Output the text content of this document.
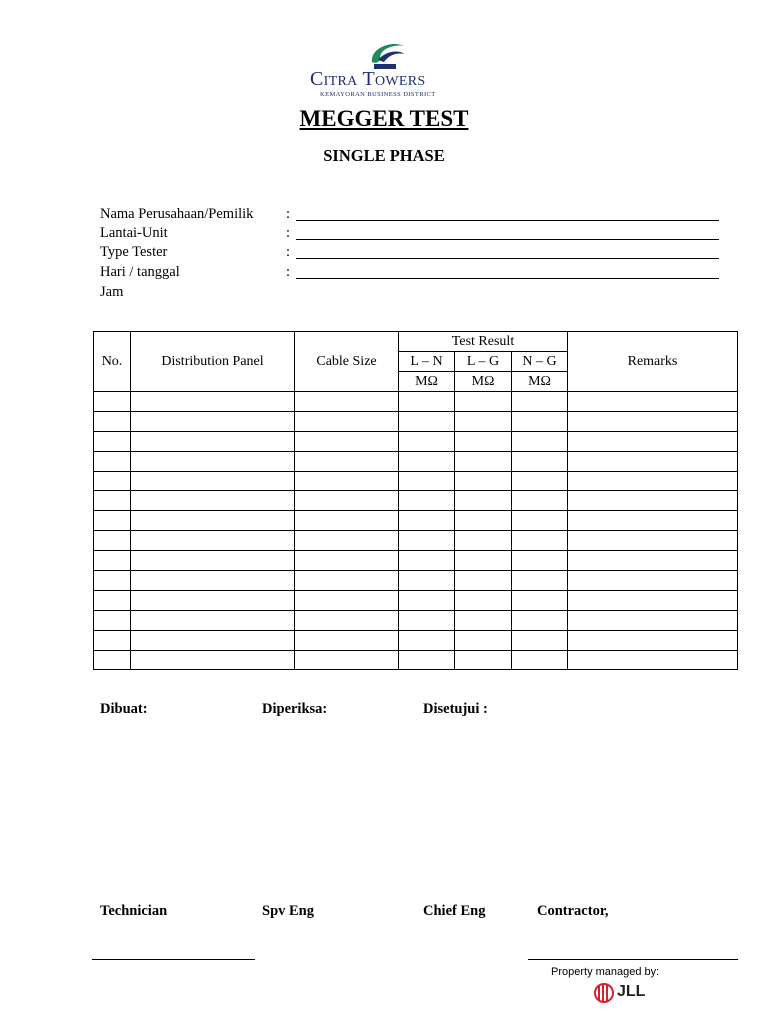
Citra Towers
KEMAYORAN BUSINESS DISTRICT
MEGGER TEST
SINGLE PHASE
Nama Perusahaan/Pemilik :
Lantai-Unit	:
Type Tester	:
Hari / tanggal	:
Jam
No.	Distribution Panel	Cable Size	Test Result			Remarks
			L – N	L – G	N – G	
			MΩ	MΩ	MΩ	

Dibuat:	Diperiksa:	Disetujui :
Technician	Spv Eng	Chief Eng	Contractor,
Property managed by:
JLL
